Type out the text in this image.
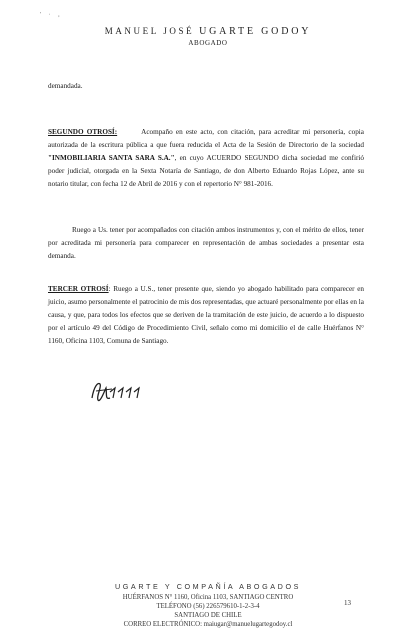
' · ,
MANUEL JOSÉ UGARTE GODOY
ABOGADO
demandada.
SEGUNDO OTROSÍ:	Acompaño en este acto, con citación, para acreditar mi personería, copia autorizada de la escritura pública a que fuera reducida el Acta de la Sesión de Directorio de la sociedad "INMOBILIARIA SANTA SARA S.A.", en cuyo ACUERDO SEGUNDO dicha sociedad me confirió poder judicial, otorgada en la Sexta Notaría de Santiago, de don Alberto Eduardo Rojas López, ante su notario titular, con fecha 12 de Abril de 2016 y con el repertorio N° 981-2016.
Ruego a Us. tener por acompañados con citación ambos instrumentos y, con el mérito de ellos, tener por acreditada mi personería para comparecer en representación de ambas sociedades a presentar esta demanda.
TERCER OTROSÍ: Ruego a U.S., tener presente que, siendo yo abogado habilitado para comparecer en juicio, asumo personalmente el patrocinio de mis dos representadas, que actuaré personalmente por ellas en la causa, y que, para todos los efectos que se deriven de la tramitación de este juicio, de acuerdo a lo dispuesto por el artículo 49 del Código de Procedimiento Civil, señalo como mi domicilio el de calle Huérfanos N° 1160, Oficina 1103, Comuna de Santiago.
UGARTE Y COMPAÑÍA ABOGADOS
HUÉRFANOS N° 1160, Oficina 1103, SANTIAGO CENTRO
TELÉFONO (56) 226579610-1-2-3-4
SANTIAGO DE CHILE
CORREO ELECTRÓNICO: maiugar@manuelugartegodoy.cl
13
